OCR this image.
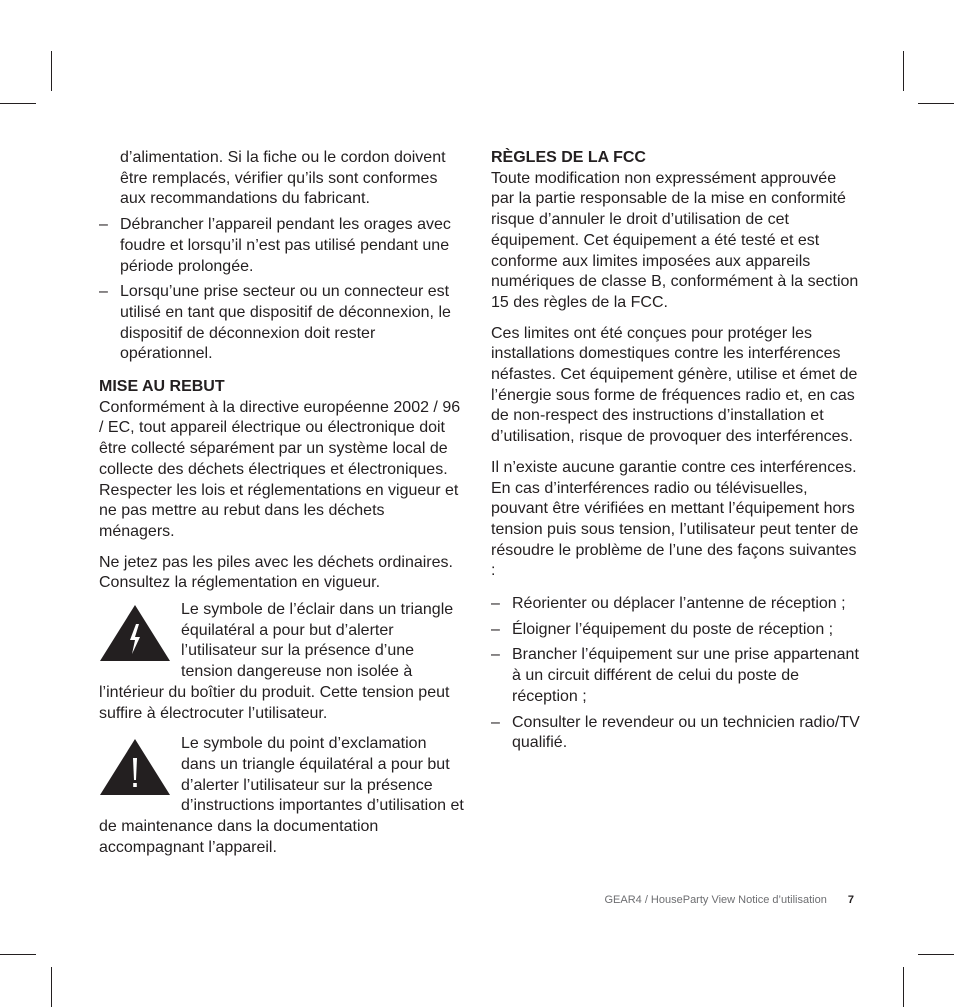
d’alimentation. Si la fiche ou le cordon doivent être remplacés, vérifier qu’ils sont conformes aux recommandations du fabricant.

– Débrancher l’appareil pendant les orages avec foudre et lorsqu’il n’est pas utilisé pendant une période prolongée.

– Lorsqu’une prise secteur ou un connecteur est utilisé en tant que dispositif de déconnexion, le dispositif de déconnexion doit rester opérationnel.

MISE AU REBUT

Conformément à la directive européenne 2002 / 96 / EC, tout appareil électrique ou électronique doit être collecté séparément par un système local de collecte des déchets électriques et électroniques. Respecter les lois et réglementations en vigueur et ne pas mettre au rebut dans les déchets ménagers.

Ne jetez pas les piles avec les déchets ordinaires. Consultez la réglementation en vigueur.

Le symbole de l’éclair dans un triangle équilatéral a pour but d’alerter l’utilisateur sur la présence d’une tension dangereuse non isolée à l’intérieur du boîtier du produit. Cette tension peut suffire à électrocuter l’utilisateur.
Le symbole du point d’exclamation dans un triangle équilatéral a pour but d’alerter l’utilisateur sur la présence d’instructions importantes d’utilisation et de maintenance dans la documentation accompagnant l’appareil.

RÈGLES DE LA FCC

Toute modification non expressément approuvée par la partie responsable de la mise en conformité risque d’annuler le droit d’utilisation de cet équipement. Cet équipement a été testé et est conforme aux limites imposées aux appareils numériques de classe B, conformément à la section 15 des règles de la FCC.

Ces limites ont été conçues pour protéger les installations domestiques contre les interférences néfastes. Cet équipement génère, utilise et émet de l’énergie sous forme de fréquences radio et, en cas de non-respect des instructions d’installation et d’utilisation, risque de provoquer des interférences.

Il n’existe aucune garantie contre ces interférences. En cas d’interférences radio ou télévisuelles, pouvant être vérifiées en mettant l’équipement hors tension puis sous tension, l’utilisateur peut tenter de résoudre le problème de l’une des façons suivantes :

– Réorienter ou déplacer l’antenne de réception ;

– Éloigner l’équipement du poste de réception ;

– Brancher l’équipement sur une prise appartenant à un circuit différent de celui du poste de réception ;

– Consulter le revendeur ou un technicien radio/TV qualifié.

GEAR4 / HouseParty View Notice d’utilisation 7
